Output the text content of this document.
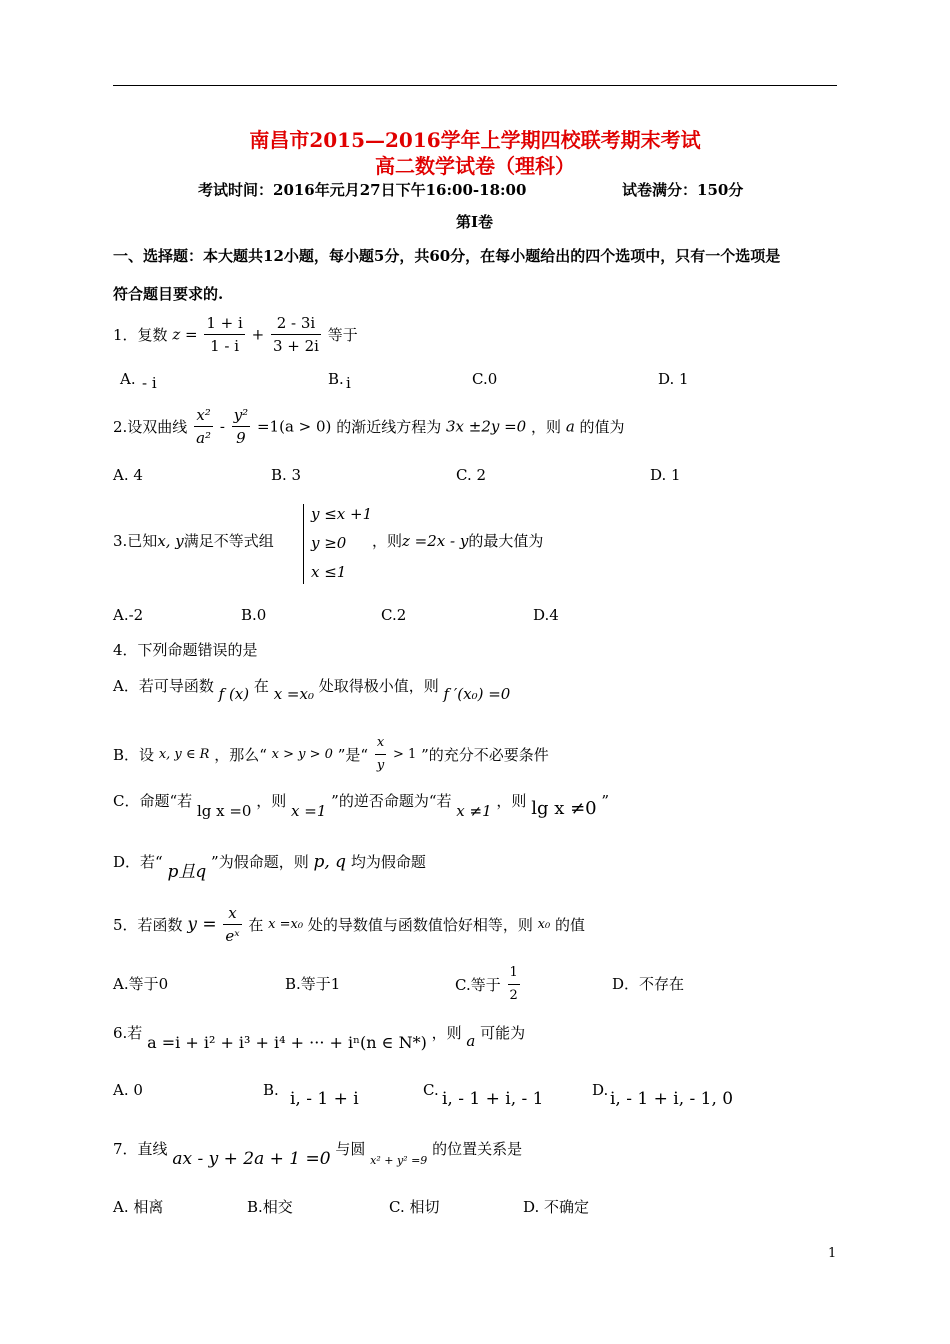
南昌市2015—2016学年上学期四校联考期末考试
高二数学试卷（理科）
考试时间：2016年元月27日下午16:00-18:00	试卷满分：150分
第I卷
一、选择题：本大题共12小题，每小题5分，共60分，在每小题给出的四个选项中，只有一个选项是
符合题目要求的.
1．复数 $z = \frac{1 + i}{1 - i} + \frac{2 - 3i}{3 + 2i}$ 等于
A. - i	B. i	C.0	D. 1
2.设双曲线 $\frac{\text{x²}}{\text{a²}} - \frac{\text{y²}}{9} =1(a > 0)$ 的渐近线方程为 3x ±2y =0 ，则 a 的值为
A. 4	B. 3	C. 2	D. 1
3.已知x, y满足不等式组
y ≤x +1
y ≥0
x ≤1
，则z =2x - y的最大值为
A.-2	B.0	C.2	D.4
4．下列命题错误的是
A．若可导函数 f (x) 在 x =x₀ 处取得极小值，则 f ′(x₀) =0
B．设 x, y ∈ R ，那么“ x > y > 0 ”是“ $\frac{x}{y} > 1$ ”的充分不必要条件
C．命题“若 lg x =0 ，则 x =1 ”的逆否命题为“若 x ≠1 ，则 lg x ≠0 ”
D．若“ p且q ”为假命题，则 p, q 均为假命题
5．若函数 $y = \frac{x}{\text{eˣ}}$ 在 x =x₀ 处的导数值与函数值恰好相等，则 x₀ 的值
A.等于0	B.等于1	C.等于 $\frac{1}{2}$	D．不存在
6.若 a =i + i² + i³ + i⁴ + ··· + iⁿ(n ∈ N*) ，则 a 可能为
A. 0	B. i, - 1 + i	C. i, - 1 + i, - 1	D. i, - 1 + i, - 1, 0
7．直线 ax - y + 2a + 1 =0 与圆 $_{x^2 + y^2 =9}$ 的位置关系是
A. 相离	B.相交	C. 相切	D. 不确定
1
